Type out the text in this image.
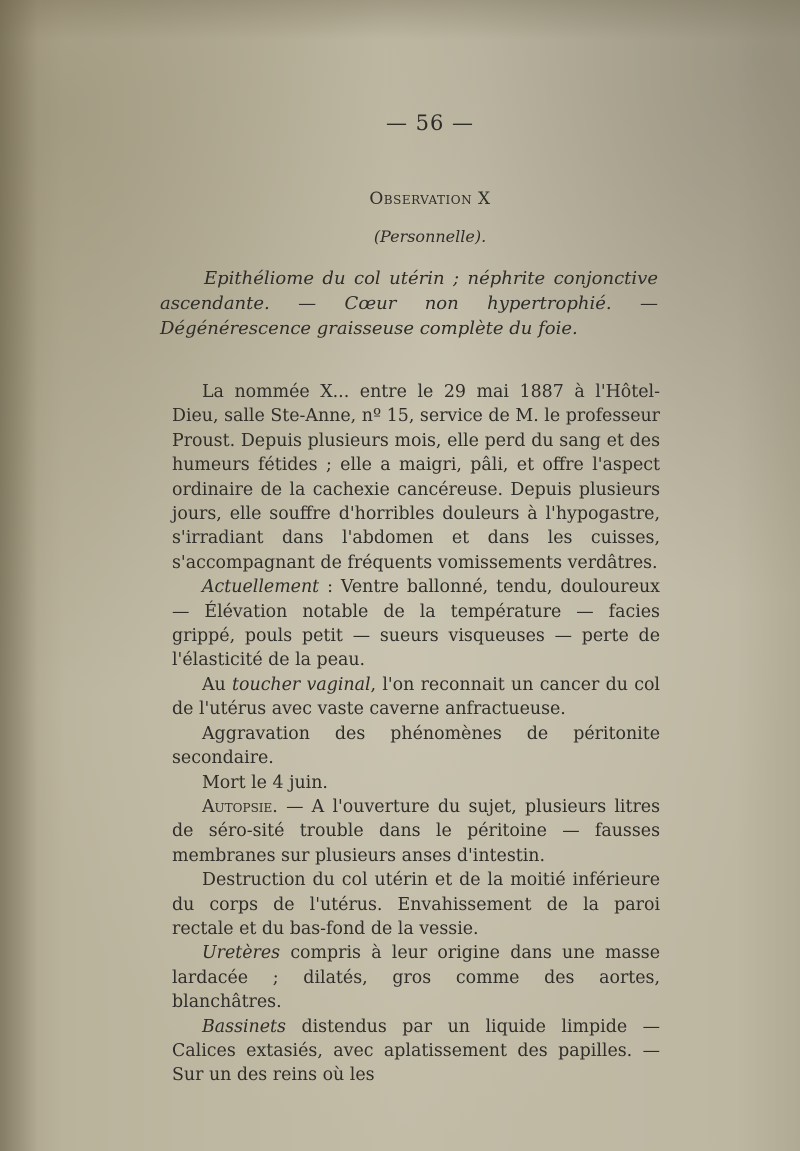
— 56 —
Observation X
(Personnelle).
Epithéliome du col utérin ; néphrite conjonctive ascendante. — Cœur non hypertrophié. — Dégénérescence graisseuse complète du foie.

La nommée X... entre le 29 mai 1887 à l'Hôtel-Dieu, salle Ste-Anne, nº 15, service de M. le professeur Proust. Depuis plusieurs mois, elle perd du sang et des humeurs fétides ; elle a maigri, pâli, et offre l'aspect ordinaire de la cachexie cancéreuse. Depuis plusieurs jours, elle souffre d'horribles douleurs à l'hypogastre, s'irradiant dans l'abdomen et dans les cuisses, s'accompagnant de fréquents vomissements verdâtres.

Actuellement : Ventre ballonné, tendu, douloureux — Élévation notable de la température — facies grippé, pouls petit — sueurs visqueuses — perte de l'élasticité de la peau.

Au toucher vaginal, l'on reconnait un cancer du col de l'utérus avec vaste caverne anfractueuse.

Aggravation des phénomènes de péritonite secondaire.

Mort le 4 juin.

Autopsie. — A l'ouverture du sujet, plusieurs litres de séro-sité trouble dans le péritoine — fausses membranes sur plusieurs anses d'intestin.

Destruction du col utérin et de la moitié inférieure du corps de l'utérus. Envahissement de la paroi rectale et du bas-fond de la vessie.

Uretères compris à leur origine dans une masse lardacée ; dilatés, gros comme des aortes, blanchâtres.

Bassinets distendus par un liquide limpide — Calices extasiés, avec aplatissement des papilles. — Sur un des reins où les
